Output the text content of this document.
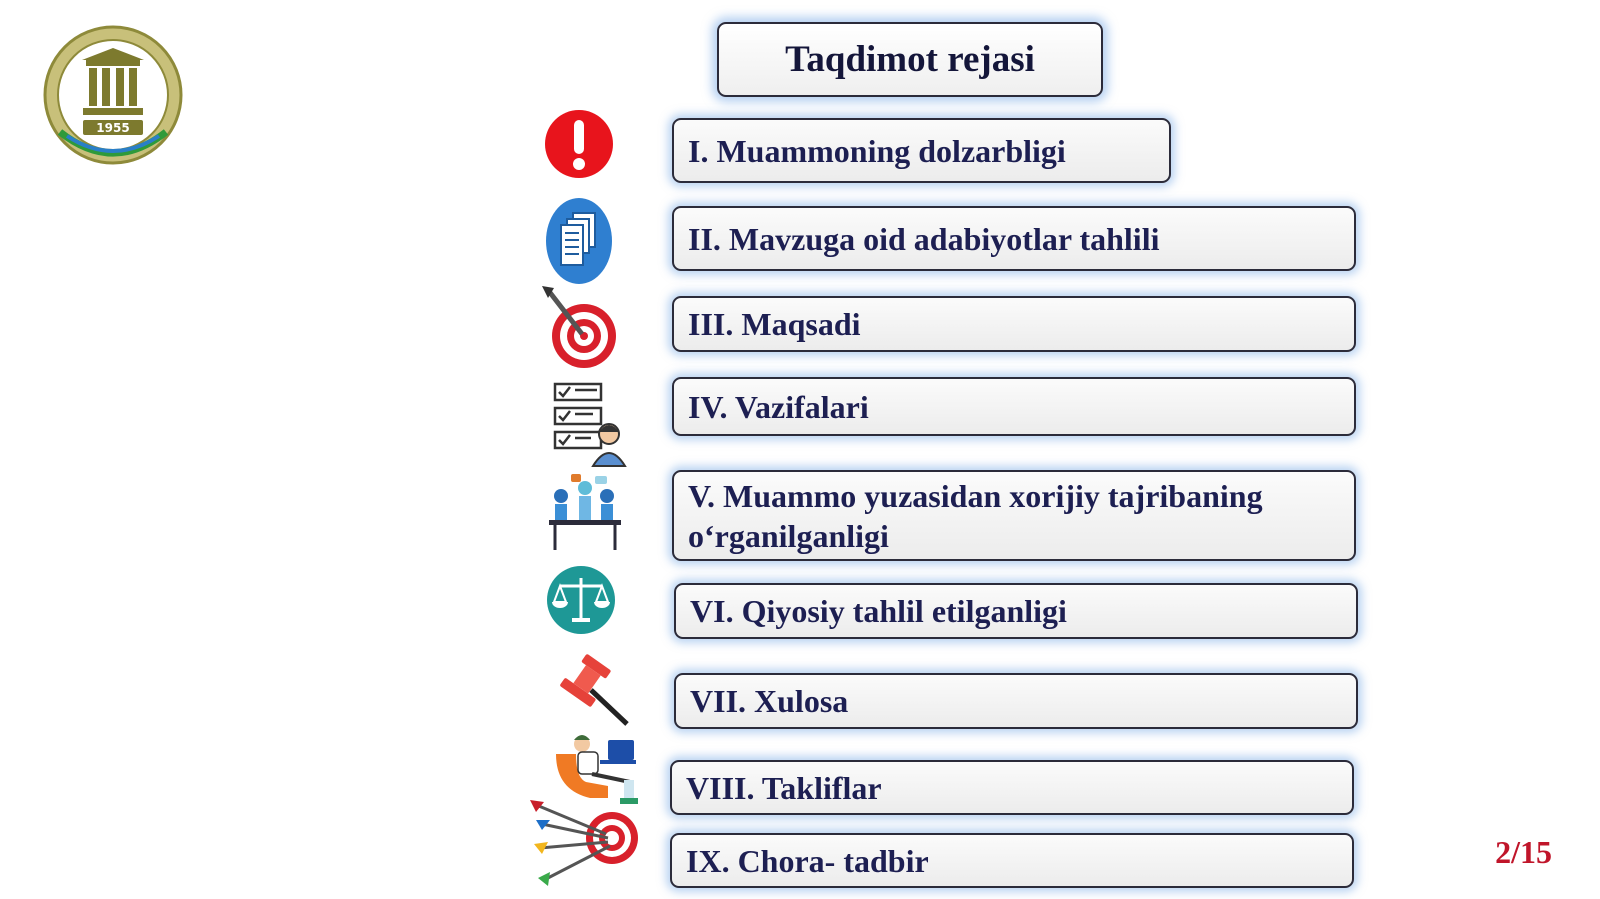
1955
Taqdimot rejasi
I. Muammoning dolzarbligi
II. Mavzuga oid adabiyotlar tahlili
III. Maqsadi
IV. Vazifalari
V. Muammo yuzasidan xorijiy tajribaning o‘rganilganligi
VI. Qiyosiy tahlil etilganligi
VII. Xulosa
VIII. Takliflar
IX. Chora- tadbir	2/15
